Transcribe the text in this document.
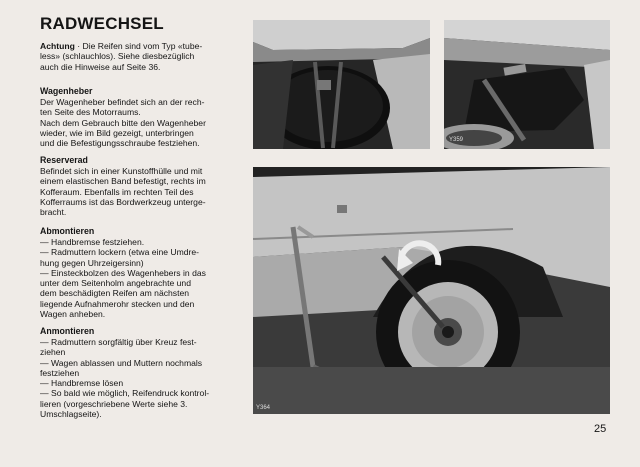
RADWECHSEL
Achtung · Die Reifen sind vom Typ «tube-
less» (schlauchlos). Siehe diesbezüglich
auch die Hinweise auf Seite 36.
Wagenheber
Der Wagenheber befindet sich an der rech-
ten Seite des Motorraums.
Nach dem Gebrauch bitte den Wagenheber
wieder, wie im Bild gezeigt, unterbringen
und die Befestigungsschraube festziehen.
Reserverad
Befindet sich in einer Kunstoffhülle und mit
einem elastischen Band befestigt, rechts im
Kofferaum. Ebenfalls im rechten Teil des
Kofferraums ist das Bordwerkzeug unterge-
bracht.
Abmontieren
— Handbremse festziehen.
— Radmuttern lockern (etwa eine Umdre-
hung gegen Uhrzeigersinn)
— Einsteckbolzen des Wagenhebers in das
unter dem Seitenholm angebrachte und
dem beschädigten Reifen am nächsten
liegende Aufnahmerohr stecken und den
Wagen anheben.
Anmontieren
— Radmuttern sorgfältig über Kreuz fest-
ziehen
— Wagen ablassen und Muttern nochmals
festziehen
— Handbremse lösen
— So bald wie möglich, Reifendruck kontrol-
lieren (vorgeschriebene Werte siehe 3.
Umschlagseite).
Y359
Y364
25
